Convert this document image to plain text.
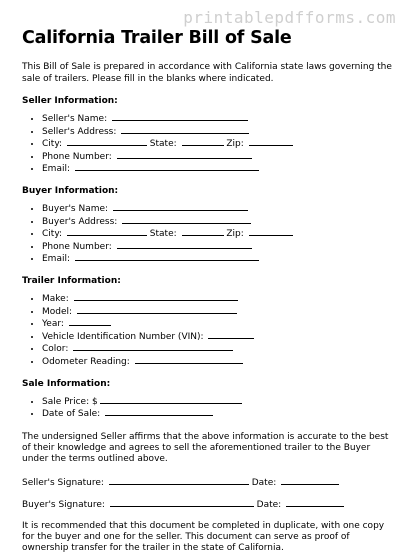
printablepdfforms.com
California Trailer Bill of Sale

This Bill of Sale is prepared in accordance with California state laws governing the sale of trailers. Please fill in the blanks where indicated.

Seller Information:
• Seller's Name:
• Seller's Address:
• City:	State:	Zip:
• Phone Number:
• Email:
Buyer Information:
• Buyer's Name:
• Buyer's Address:
• City:	State:	Zip:
• Phone Number:
• Email:
Trailer Information:
• Make:
• Model:
• Year:
• Vehicle Identification Number (VIN):
• Color:
• Odometer Reading:
Sale Information:
• Sale Price: $
• Date of Sale:

The undersigned Seller affirms that the above information is accurate to the best of their knowledge and agrees to sell the aforementioned trailer to the Buyer under the terms outlined above.

Seller's Signature:	Date:
Buyer's Signature:	Date:

It is recommended that this document be completed in duplicate, with one copy for the buyer and one for the seller. This document can serve as proof of ownership transfer for the trailer in the state of California.
